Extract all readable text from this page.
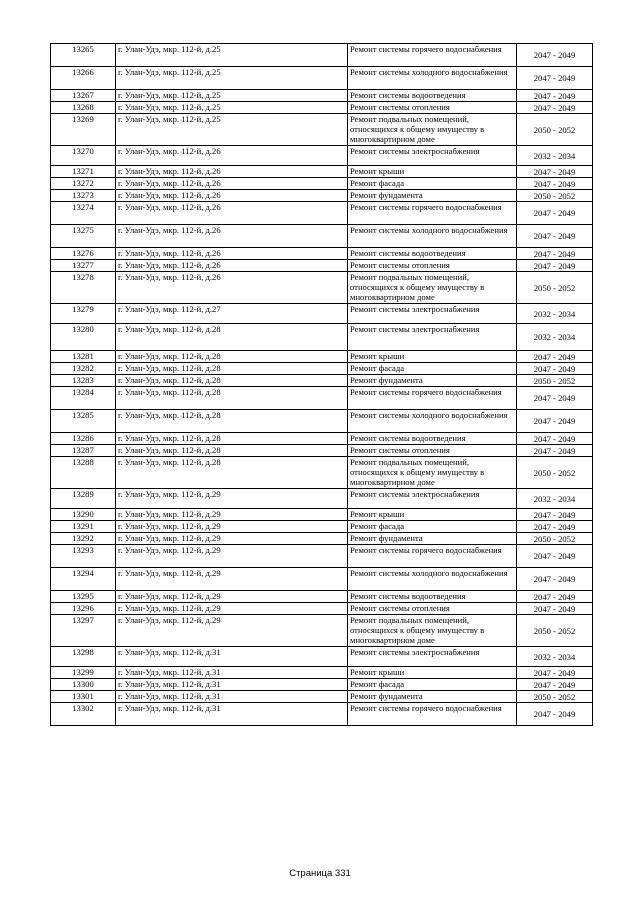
13265	г. Улан-Удэ, мкр. 112-й, д.25	Ремонт системы горячего водоснабжения	2047 - 2049
13266	г. Улан-Удэ, мкр. 112-й, д.25	Ремонт системы холодного водоснабжения	2047 - 2049
13267	г. Улан-Удэ, мкр. 112-й, д.25	Ремонт системы водоотведения	2047 - 2049
13268	г. Улан-Удэ, мкр. 112-й, д.25	Ремонт системы отопления	2047 - 2049
13269	г. Улан-Удэ, мкр. 112-й, д.25	Ремонт подвальных помещений, относящихся к общему имуществу в многоквартирном доме	2050 - 2052
13270	г. Улан-Удэ, мкр. 112-й, д.26	Ремонт системы электроснабжения	2032 - 2034
13271	г. Улан-Удэ, мкр. 112-й, д.26	Ремонт крыши	2047 - 2049
13272	г. Улан-Удэ, мкр. 112-й, д.26	Ремонт фасада	2047 - 2049
13273	г. Улан-Удэ, мкр. 112-й, д.26	Ремонт фундамента	2050 - 2052
13274	г. Улан-Удэ, мкр. 112-й, д.26	Ремонт системы горячего водоснабжения	2047 - 2049
13275	г. Улан-Удэ, мкр. 112-й, д.26	Ремонт системы холодного водоснабжения	2047 - 2049
13276	г. Улан-Удэ, мкр. 112-й, д.26	Ремонт системы водоотведения	2047 - 2049
13277	г. Улан-Удэ, мкр. 112-й, д.26	Ремонт системы отопления	2047 - 2049
13278	г. Улан-Удэ, мкр. 112-й, д.26	Ремонт подвальных помещений, относящихся к общему имуществу в многоквартирном доме	2050 - 2052
13279	г. Улан-Удэ, мкр. 112-й, д.27	Ремонт системы электроснабжения	2032 - 2034
13280	г. Улан-Удэ, мкр. 112-й, д.28	Ремонт системы электроснабжения	2032 - 2034
13281	г. Улан-Удэ, мкр. 112-й, д.28	Ремонт крыши	2047 - 2049
13282	г. Улан-Удэ, мкр. 112-й, д.28	Ремонт фасада	2047 - 2049
13283	г. Улан-Удэ, мкр. 112-й, д.28	Ремонт фундамента	2050 - 2052
13284	г. Улан-Удэ, мкр. 112-й, д.28	Ремонт системы горячего водоснабжения	2047 - 2049
13285	г. Улан-Удэ, мкр. 112-й, д.28	Ремонт системы холодного водоснабжения	2047 - 2049
13286	г. Улан-Удэ, мкр. 112-й, д.28	Ремонт системы водоотведения	2047 - 2049
13287	г. Улан-Удэ, мкр. 112-й, д.28	Ремонт системы отопления	2047 - 2049
13288	г. Улан-Удэ, мкр. 112-й, д.28	Ремонт подвальных помещений, относящихся к общему имуществу в многоквартирном доме	2050 - 2052
13289	г. Улан-Удэ, мкр. 112-й, д.29	Ремонт системы электроснабжения	2032 - 2034
13290	г. Улан-Удэ, мкр. 112-й, д.29	Ремонт крыши	2047 - 2049
13291	г. Улан-Удэ, мкр. 112-й, д.29	Ремонт фасада	2047 - 2049
13292	г. Улан-Удэ, мкр. 112-й, д.29	Ремонт фундамента	2050 - 2052
13293	г. Улан-Удэ, мкр. 112-й, д.29	Ремонт системы горячего водоснабжения	2047 - 2049
13294	г. Улан-Удэ, мкр. 112-й, д.29	Ремонт системы холодного водоснабжения	2047 - 2049
13295	г. Улан-Удэ, мкр. 112-й, д.29	Ремонт системы водоотведения	2047 - 2049
13296	г. Улан-Удэ, мкр. 112-й, д.29	Ремонт системы отопления	2047 - 2049
13297	г. Улан-Удэ, мкр. 112-й, д.29	Ремонт подвальных помещений, относящихся к общему имуществу в многоквартирном доме	2050 - 2052
13298	г. Улан-Удэ, мкр. 112-й, д.31	Ремонт системы электроснабжения	2032 - 2034
13299	г. Улан-Удэ, мкр. 112-й, д.31	Ремонт крыши	2047 - 2049
13300	г. Улан-Удэ, мкр. 112-й, д.31	Ремонт фасада	2047 - 2049
13301	г. Улан-Удэ, мкр. 112-й, д.31	Ремонт фундамента	2050 - 2052
13302	г. Улан-Удэ, мкр. 112-й, д.31	Ремонт системы горячего водоснабжения	2047 - 2049
Страница 331
